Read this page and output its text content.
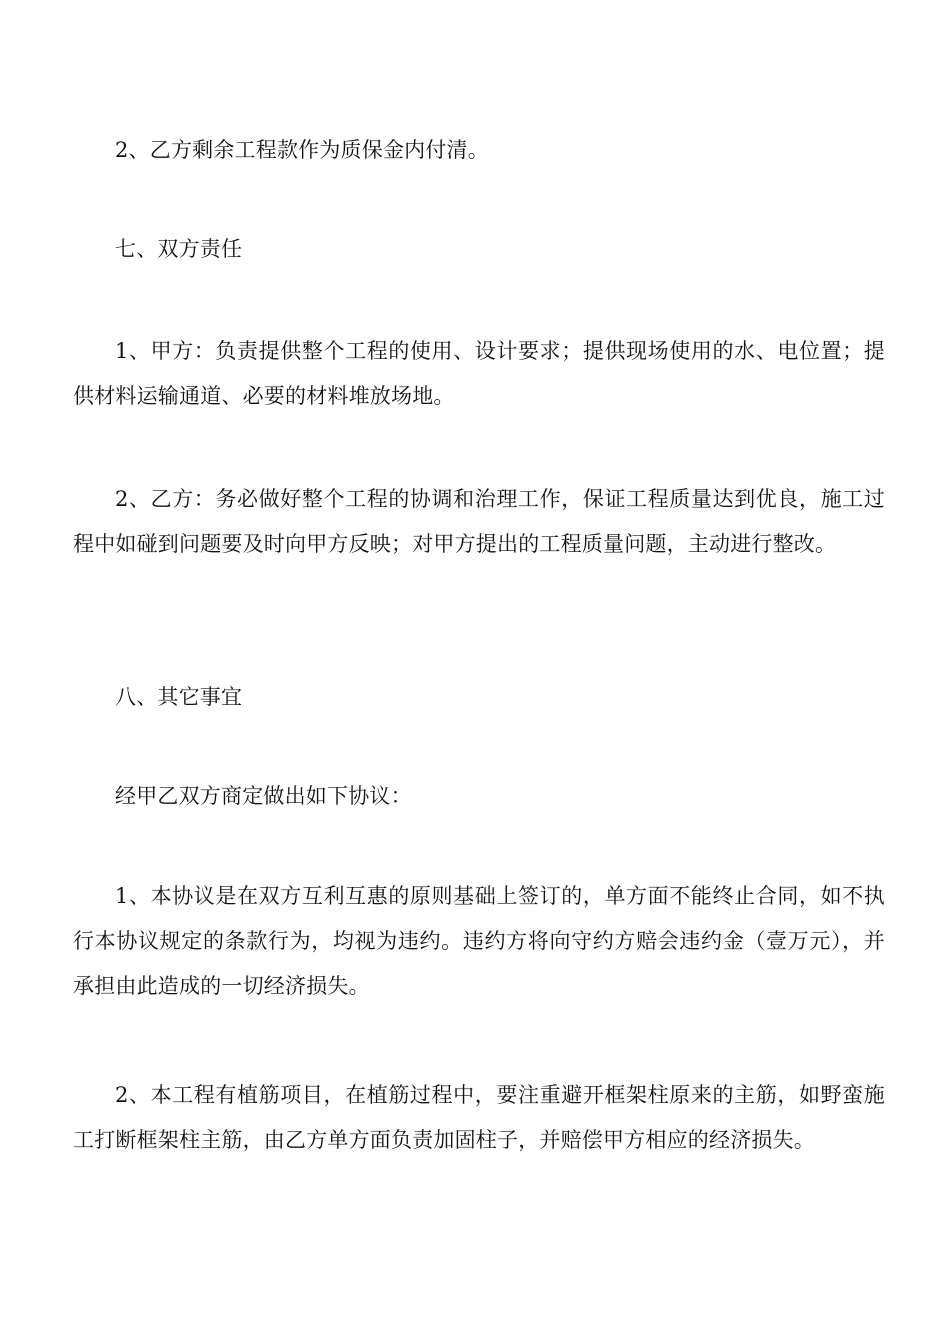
2、乙方剩余工程款作为质保金内付清。

七、双方责任

1、甲方：负责提供整个工程的使用、设计要求；提供现场使用的水、电位置；提供材料运输通道、必要的材料堆放场地。

2、乙方：务必做好整个工程的协调和治理工作，保证工程质量达到优良，施工过程中如碰到问题要及时向甲方反映；对甲方提出的工程质量问题，主动进行整改。

八、其它事宜

经甲乙双方商定做出如下协议：

1、本协议是在双方互利互惠的原则基础上签订的，单方面不能终止合同，如不执行本协议规定的条款行为，均视为违约。违约方将向守约方赔会违约金（壹万元），并承担由此造成的一切经济损失。

2、本工程有植筋项目，在植筋过程中，要注重避开框架柱原来的主筋，如野蛮施工打断框架柱主筋，由乙方单方面负责加固柱子，并赔偿甲方相应的经济损失。
